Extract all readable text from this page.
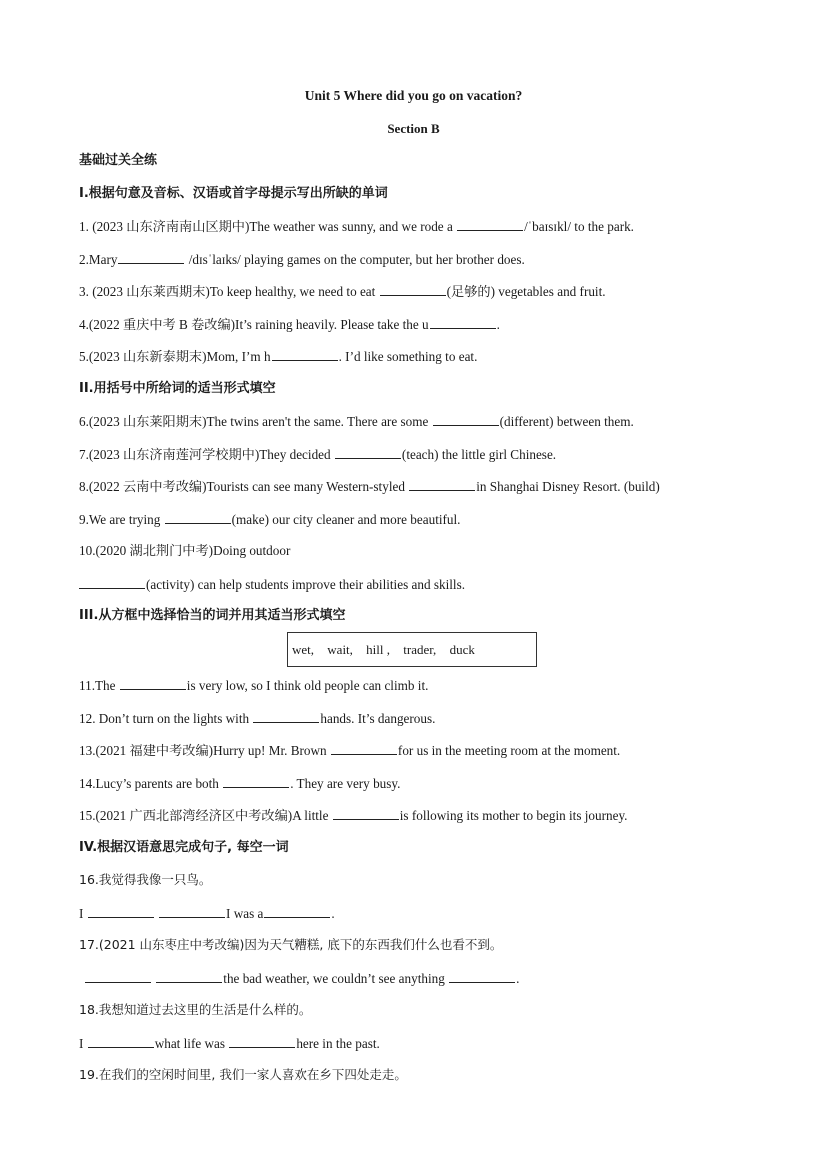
Unit 5 Where did you go on vacation?
Section B
基础过关全练
I.根据句意及音标、汉语或首字母提示写出所缺的单词
1. (2023 山东济南南山区期中)The weather was sunny, and we rode a	/ˈbaɪsɪkl/ to the park.
2.Mary	/dɪsˈlaɪks/ playing games on the computer, but her brother does.
3. (2023 山东莱西期末)To keep healthy, we need to eat	(足够的) vegetables and fruit.
4.(2022 重庆中考 B 卷改编)It’s raining heavily. Please take the u	.
5.(2023 山东新泰期末)Mom, I’m h	. I’d like something to eat.
II.用括号中所给词的适当形式填空
6.(2023 山东莱阳期末)The twins aren't the same. There are some	(different) between them.
7.(2023 山东济南莲河学校期中)They decided	(teach) the little girl Chinese.
8.(2022 云南中考改编)Tourists can see many Western-styled	in Shanghai Disney Resort. (build)
9.We are trying	(make) our city cleaner and more beautiful.
10.(2020 湖北荆门中考)Doing outdoor
(activity) can help students improve their abilities and skills.
III.从方框中选择恰当的词并用其适当形式填空
wet, wait, hill , trader, duck
11.The	is very low, so I think old people can climb it.
12. Don’t turn on the lights with	hands. It’s dangerous.
13.(2021 福建中考改编)Hurry up! Mr. Brown	for us in the meeting room at the moment.
14.Lucy’s parents are both	. They are very busy.
15.(2021 广西北部湾经济区中考改编)A little	is following its mother to begin its journey.
IV.根据汉语意思完成句子, 每空一词
16.我觉得我像一只鸟。
I	I was a	.
17.(2021 山东枣庄中考改编)因为天气糟糕, 底下的东西我们什么也看不到。
the bad weather, we couldn’t see anything	.
18.我想知道过去这里的生活是什么样的。
I	what life was	here in the past.
19.在我们的空闲时间里, 我们一家人喜欢在乡下四处走走。
